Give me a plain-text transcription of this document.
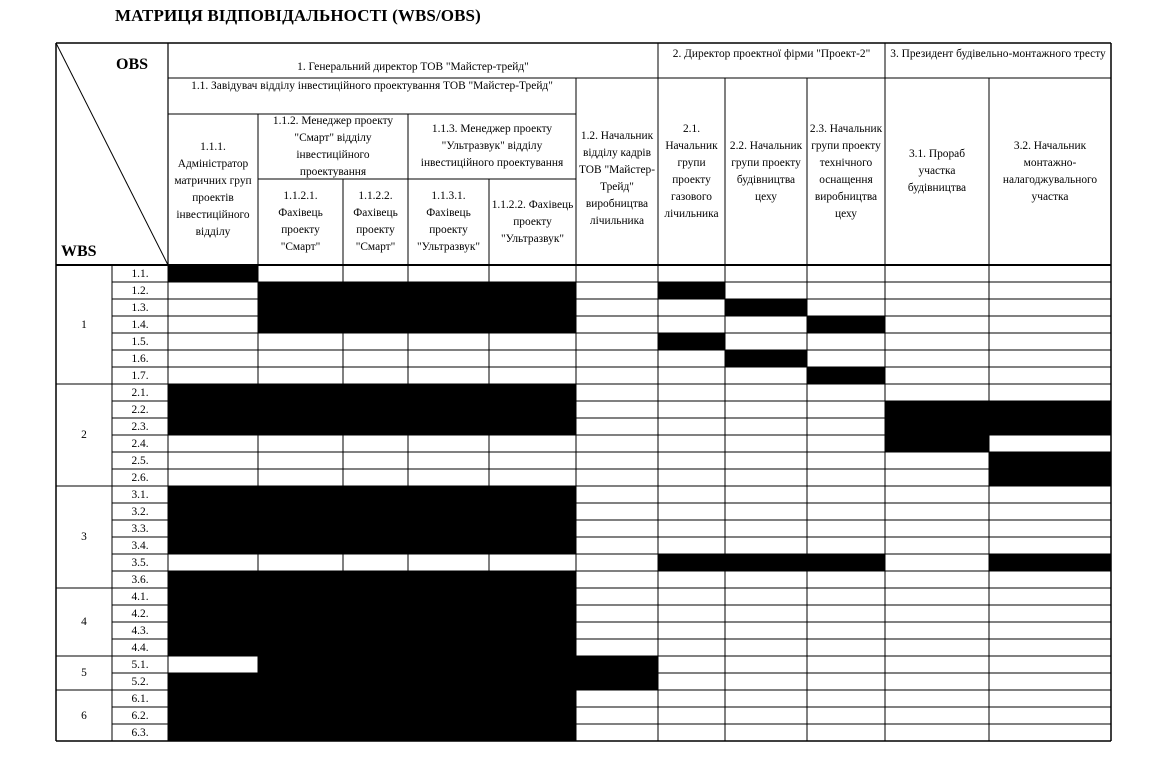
МАТРИЦЯ ВІДПОВІДАЛЬНОСТІ (WBS/OBS)
OBS
WBS
1. Генеральний директор ТОВ "Майстер-трейд"
2. Директор проектної фірми "Проект-2"	3. Президент будівельно-монтажного тресту
1.1. Завідувач відділу інвестиційного проектування ТОВ "Майстер-Трейд"
1.2. Начальник відділу кадрів ТОВ "Майстер-Трейд" виробництва лічильника
2.1. Начальник групи проекту газового лічильника
2.2. Начальник групи проекту будівництва цеху
2.3. Начальник групи проекту технічного оснащення виробництва цеху
3.1. Прораб участка будівництва
3.2. Начальник монтажно-налагоджувального участка
1.1.1. Адміністратор матричних груп проектів інвестиційного відділу
1.1.2. Менеджер проекту "Смарт" відділу інвестиційного проектування
1.1.3. Менеджер проекту "Ультразвук" відділу інвестиційного проектування
1.1.2.1. Фахівець проекту "Смарт"
1.1.2.2. Фахівець проекту "Смарт"
1.1.3.1. Фахівець проекту "Ультразвук"
1.1.2.2. Фахівець проекту "Ультразвук"
1
1.1.
1.2.
1.3.
1.4.
1.5.
1.6.
1.7.
2
2.1.
2.2.
2.3.
2.4.
2.5.
2.6.
3
3.1.
3.2.
3.3.
3.4.
3.5.
3.6.
4
4.1.
4.2.
4.3.
4.4.
5
5.1.
5.2.
6
6.1.
6.2.
6.3.
